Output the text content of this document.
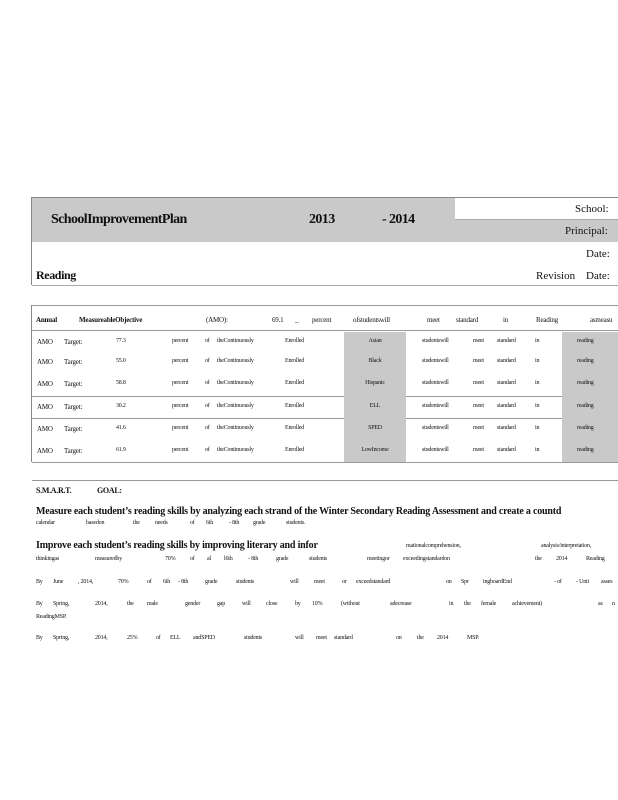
SchoolImprovementPlan	2013	- 2014
School:
Principal:
Date:
Reading	Revision Date:
Annual	MeasureableObjective	(AMO):	69.1 _ percent	ofstudentswill	meet standard	in	Reading	asmeasu
AMO Target:	77.3	percent	of theContinuously	Enrolled	Asian	studentswill	meet standard	in	reading
AMO Target:	55.0	percent	of theContinuously	Enrolled	Black	studentswill	meet standard	in	reading
AMO Target:	58.8	percent	of theContinuously	Enrolled	Hispanic	studentswill	meet standard	in	reading
AMO Target:	30.2	percent	of theContinuously	Enrolled	ELL	studentswill	meet standard	in	reading
AMO Target:	41.6	percent	of theContinuously	Enrolled	SPED	studentswill	meet standard	in	reading
AMO Target:	61.9	percent	of theContinuously	Enrolled	LowIncome	studentswill	meet standard	in	reading
S.M.A.R.T.	GOAL:
Measure each student’s reading skills by analyzing each strand of the Winter Secondary Reading Assessment and create a countd
calendar	basedon	the	needs	of 6th	- 8th grade	students.
Improve each student’s reading skills by improving literary and infor	mationalcomprehension,	analysis/interpretation,
thinkingas	measuredby	70% of al l6th	- 8th	grade	students	meetingor exceedingstandardon	the 2014	Reading
By June , 2014,	70%	of 6th - 8th	grade	students	will	meet	or exceedstandard	on Spr ingboardEnd	- of - Unit asses
By Spring,	2014,	the male	gender	gap	will	close	by 10%	(without	adecrease	in the female	achievement)	as n
ReadingMSP.
By Spring,	2014,	25%	of ELL andSPED	students	will meet standard	on	the 2014	MSP.
